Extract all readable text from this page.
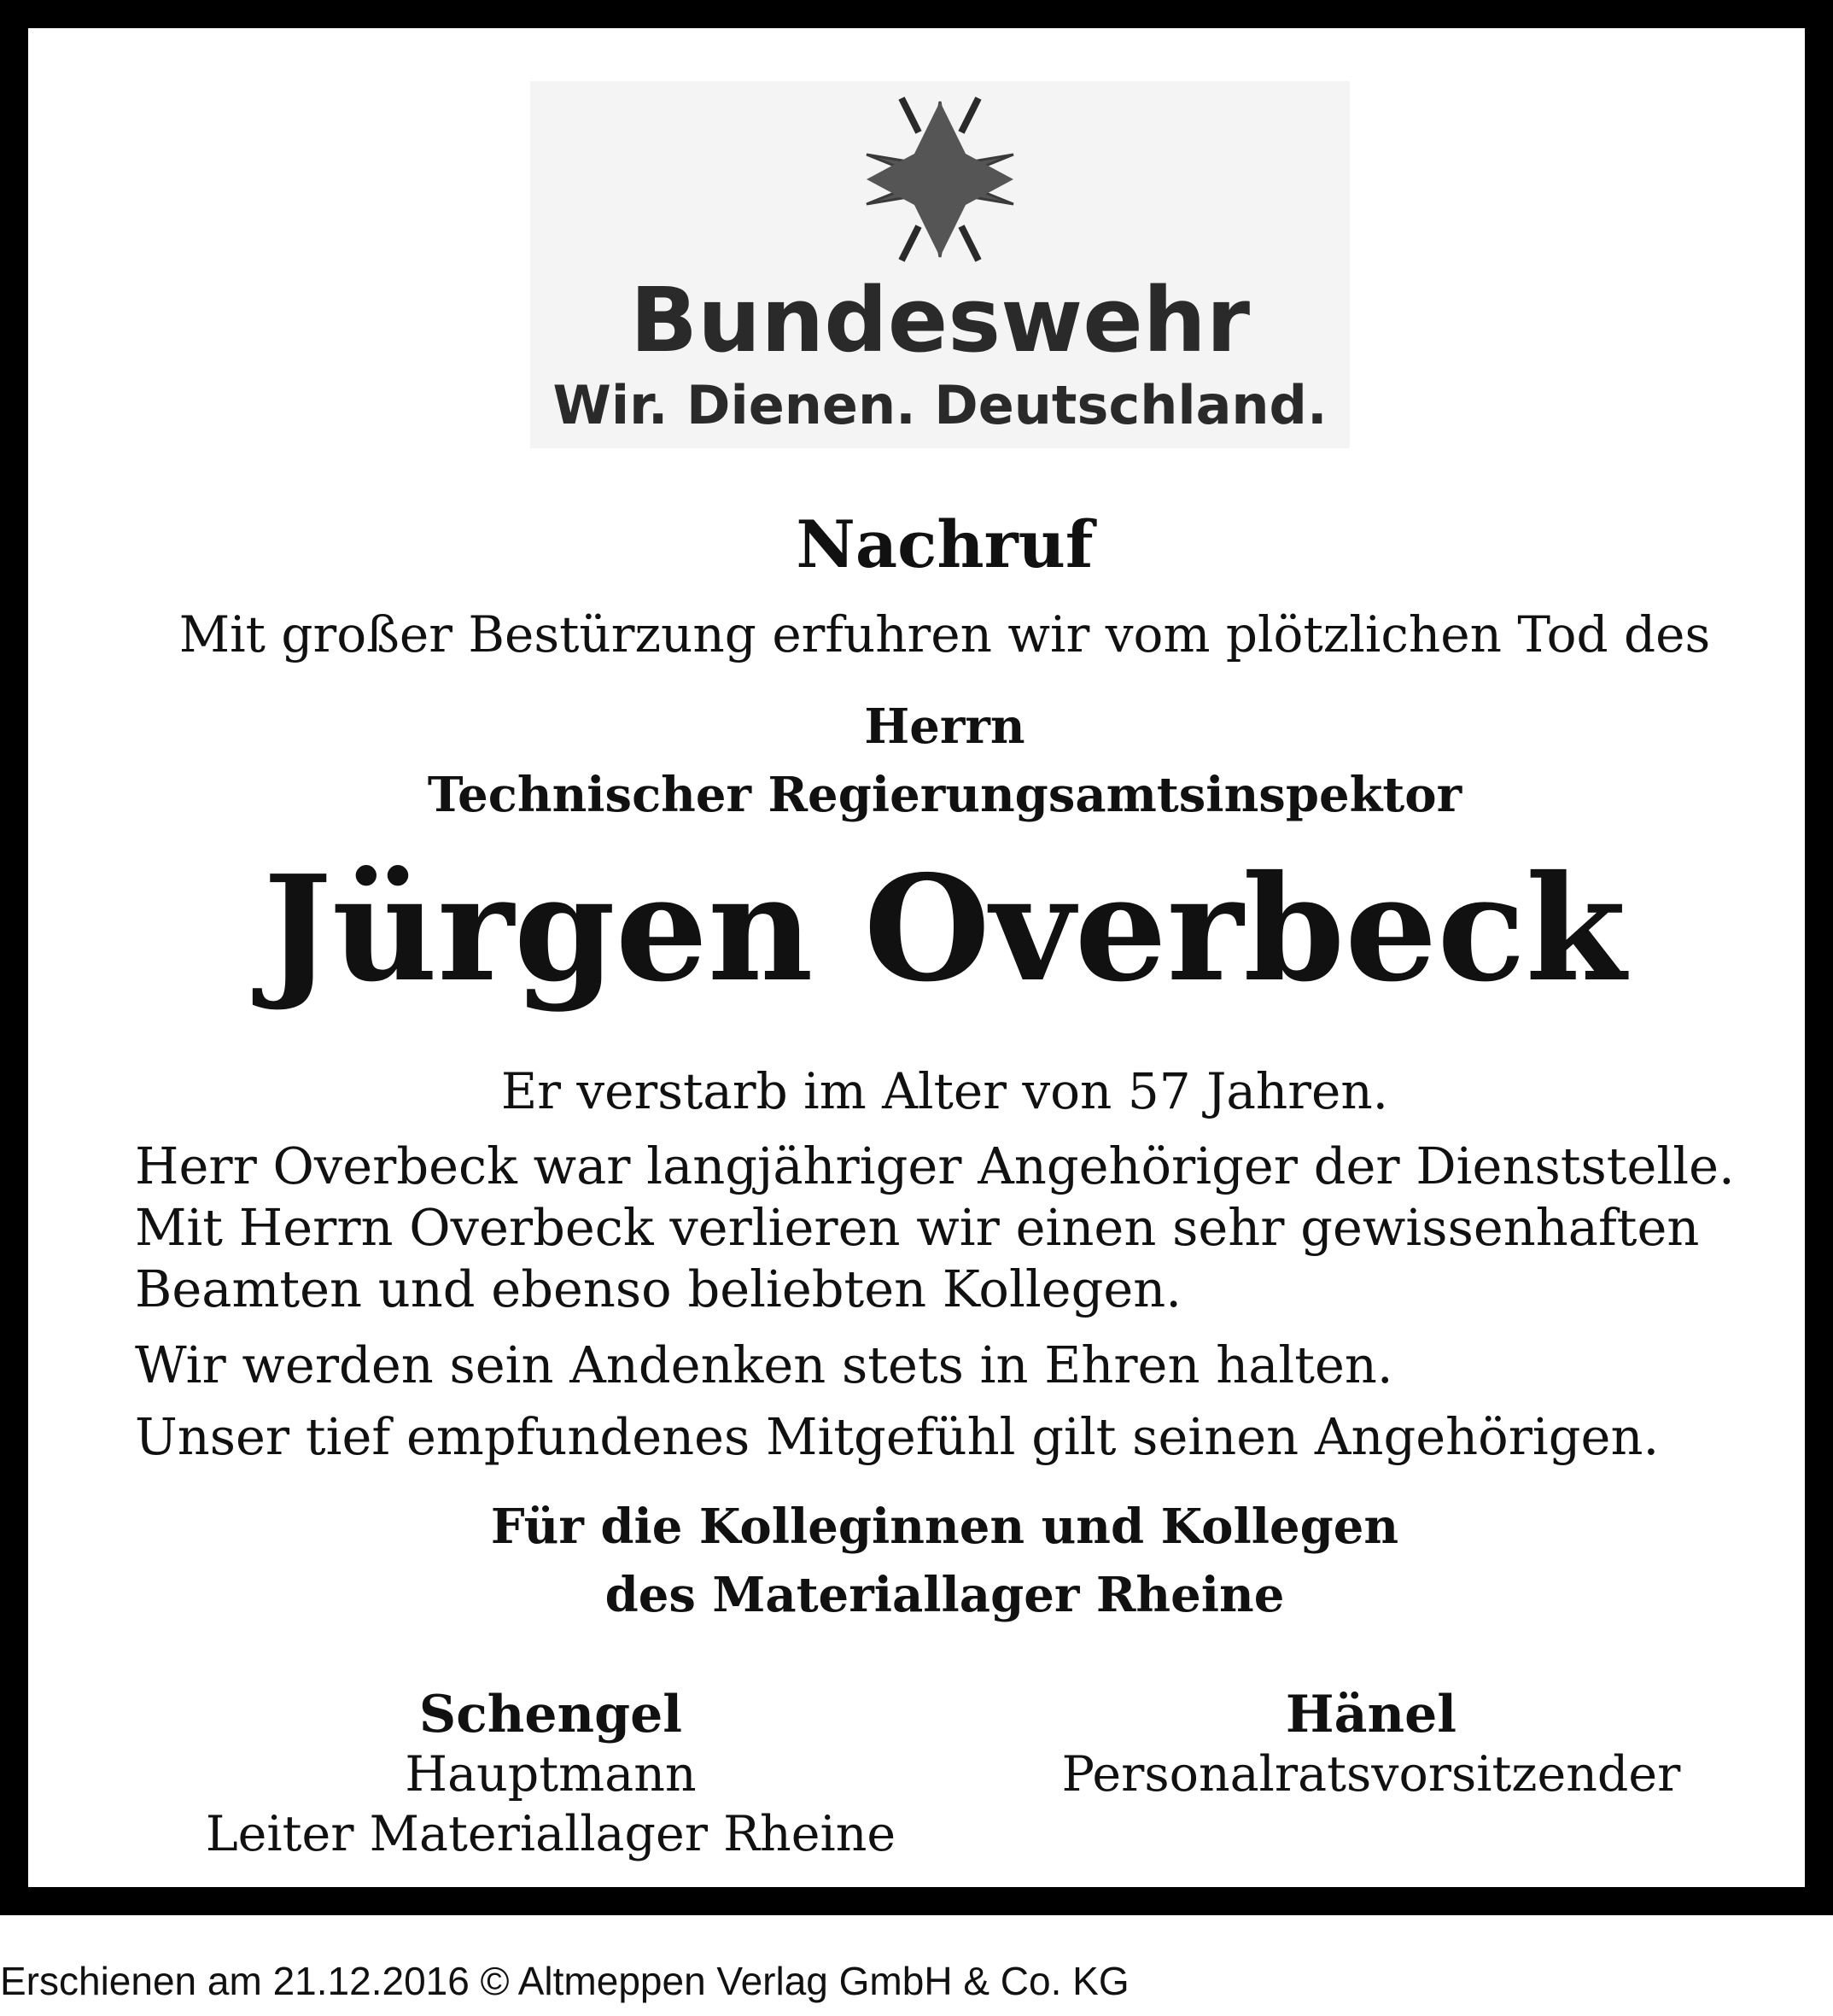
Bundeswehr
Wir. Dienen. Deutschland.
Nachruf
Mit großer Bestürzung erfuhren wir vom plötzlichen Tod des
Herrn
Technischer Regierungsamtsinspektor
Jürgen Overbeck
Er verstarb im Alter von 57 Jahren.
Herr Overbeck war langjähriger Angehöriger der Dienststelle.
Mit Herrn Overbeck verlieren wir einen sehr gewissenhaften
Beamten und ebenso beliebten Kollegen.
Wir werden sein Andenken stets in Ehren halten.
Unser tief empfundenes Mitgefühl gilt seinen Angehörigen.
Für die Kolleginnen und Kollegen
des Materiallager Rheine
Schengel
Hauptmann
Leiter Materiallager Rheine
Hänel
Personalratsvorsitzender
Erschienen am 21.12.2016 © Altmeppen Verlag GmbH & Co. KG
